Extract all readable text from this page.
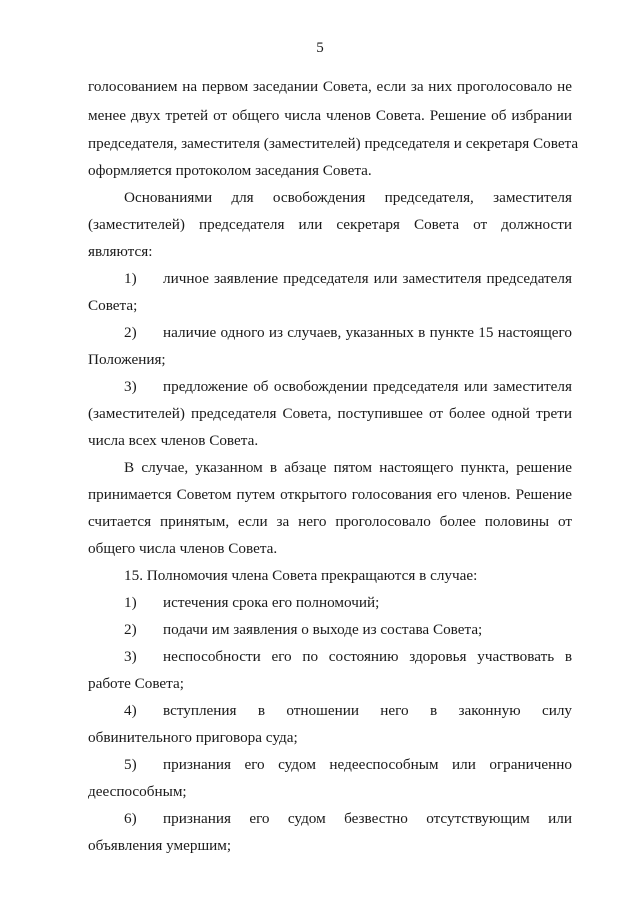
5
голосованием на первом заседании Совета, если за них проголосовало не
менее двух третей от общего числа членов Совета. Решение об избрании
председателя, заместителя (заместителей) председателя и секретаря Совета
оформляется протоколом заседания Совета.
Основаниями для освобождения председателя, заместителя
(заместителей) председателя или секретаря Совета от должности
являются:
1) личное заявление председателя или заместителя председателя
Совета;
2) наличие одного из случаев, указанных в пункте 15 настоящего
Положения;
3) предложение об освобождении председателя или заместителя
(заместителей) председателя Совета, поступившее от более одной трети
числа всех членов Совета.
В случае, указанном в абзаце пятом настоящего пункта, решение
принимается Советом путем открытого голосования его членов. Решение
считается принятым, если за него проголосовало более половины от
общего числа членов Совета.
15. Полномочия члена Совета прекращаются в случае:
1) истечения срока его полномочий;
2) подачи им заявления о выходе из состава Совета;
3) неспособности его по состоянию здоровья участвовать в
работе Совета;
4) вступления в отношении него в законную силу
обвинительного приговора суда;
5) признания его судом недееспособным или ограниченно
дееспособным;
6) признания его судом безвестно отсутствующим или
объявления умершим;
